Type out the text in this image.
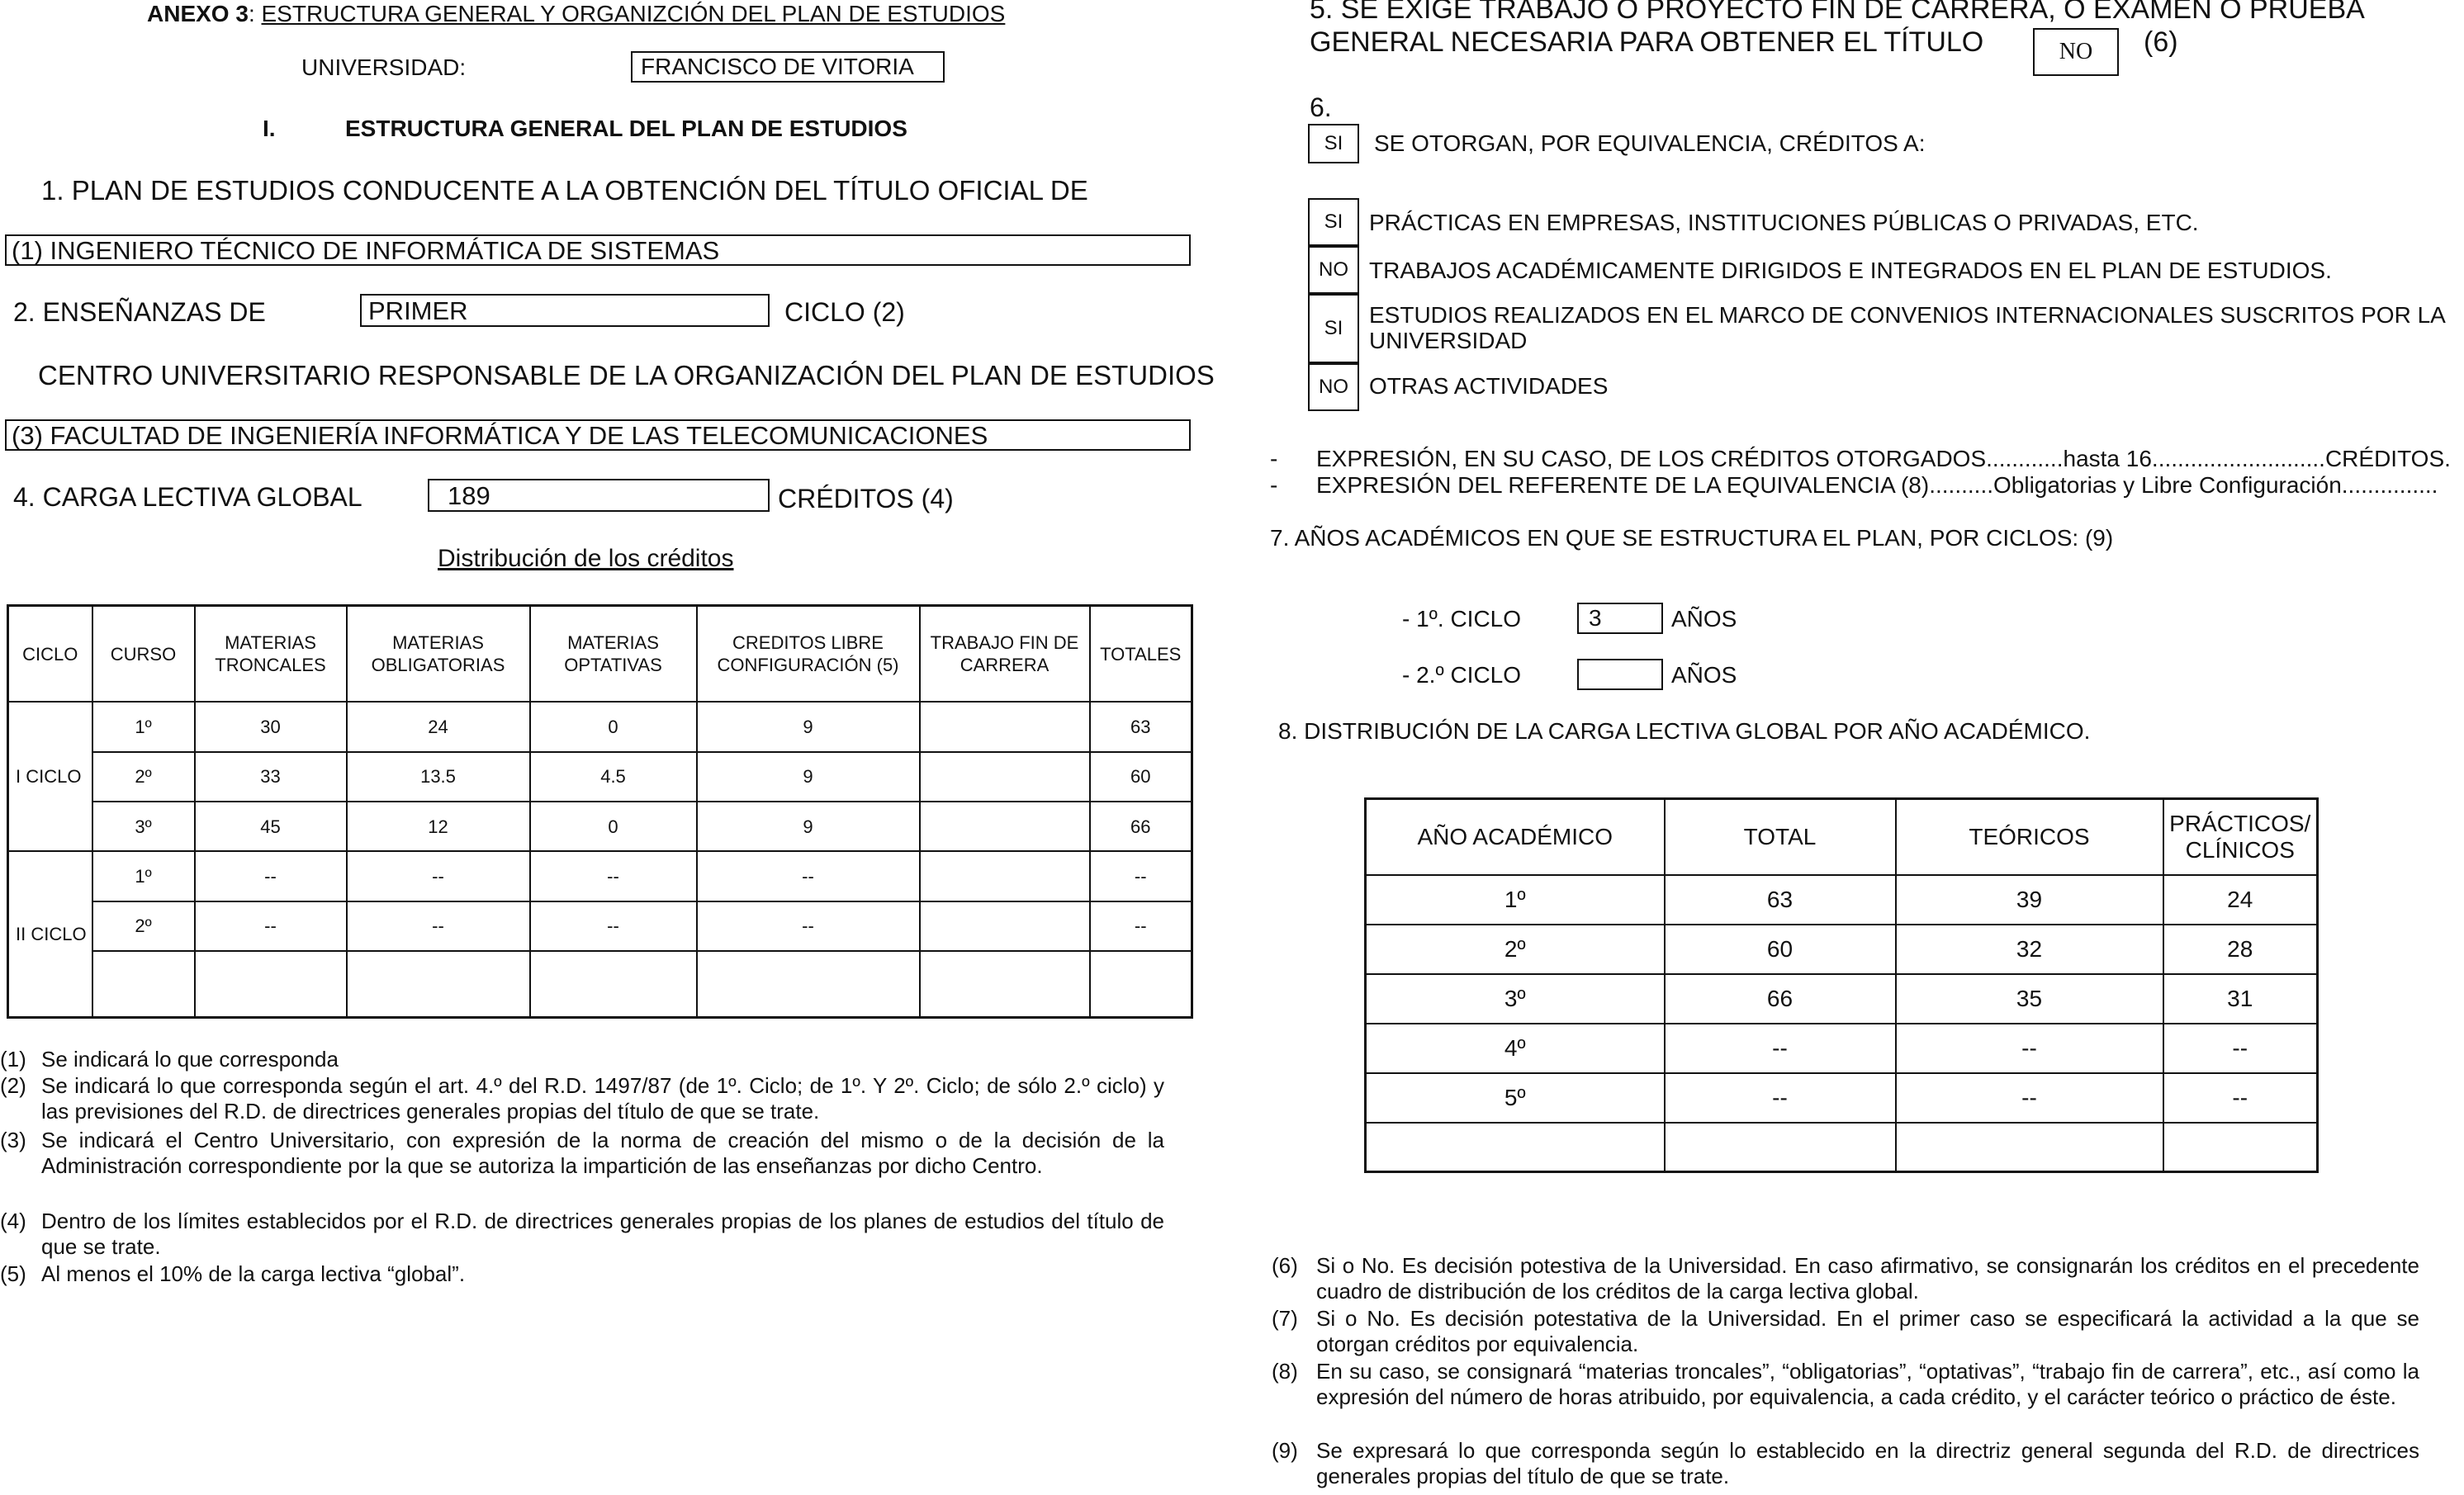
ANEXO 3: ESTRUCTURA GENERAL Y ORGANIZCIÓN DEL PLAN DE ESTUDIOS
UNIVERSIDAD:	FRANCISCO DE VITORIA
I.	ESTRUCTURA GENERAL DEL PLAN DE ESTUDIOS
1. PLAN DE ESTUDIOS CONDUCENTE A LA OBTENCIÓN DEL TÍTULO OFICIAL DE
(1) INGENIERO TÉCNICO DE INFORMÁTICA DE SISTEMAS
2. ENSEÑANZAS DE	PRIMER	CICLO (2)
CENTRO UNIVERSITARIO RESPONSABLE DE LA ORGANIZACIÓN DEL PLAN DE ESTUDIOS
(3) FACULTAD DE INGENIERÍA INFORMÁTICA Y DE LAS TELECOMUNICACIONES
4. CARGA LECTIVA GLOBAL	189	CRÉDITOS (4)
Distribución de los créditos
CICLO	CURSO	MATERIAS TRONCALES	MATERIAS OBLIGATORIAS	MATERIAS OPTATIVAS	CREDITOS LIBRE CONFIGURACIÓN (5)	TRABAJO FIN DE CARRERA	TOTALES
I CICLO	1º	30	24	0	9		63
	2º	33	13.5	4.5	9		60
	3º	45	12	0	9		66
II CICLO	1º	--	--	--	--		--
	2º	--	--	--	--		--

(1) Se indicará lo que corresponda
(2) Se indicará lo que corresponda según el art. 4.º del R.D. 1497/87 (de 1º. Ciclo; de 1º. Y 2º. Ciclo; de sólo 2.º ciclo) y las previsiones del R.D. de directrices generales propias del título de que se trate.
(3) Se indicará el Centro Universitario, con expresión de la norma de creación del mismo o de la decisión de la Administración correspondiente por la que se autoriza la impartición de las enseñanzas por dicho Centro.
(4) Dentro de los límites establecidos por el R.D. de directrices generales propias de los planes de estudios del título de que se trate.
(5) Al menos el 10% de la carga lectiva “global”.
5. SE EXIGE TRABAJO O PROYECTO FIN DE CARRERA, O EXAMEN O PRUEBA
GENERAL NECESARIA PARA OBTENER EL TÍTULO	NO (6)
6.
SI SE OTORGAN, POR EQUIVALENCIA, CRÉDITOS A:
SI PRÁCTICAS EN EMPRESAS, INSTITUCIONES PÚBLICAS O PRIVADAS, ETC.
NO TRABAJOS ACADÉMICAMENTE DIRIGIDOS E INTEGRADOS EN EL PLAN DE ESTUDIOS.
SI
ESTUDIOS REALIZADOS EN EL MARCO DE CONVENIOS INTERNACIONALES SUSCRITOS POR LA UNIVERSIDAD
NO OTRAS ACTIVIDADES
-      EXPRESIÓN, EN SU CASO, DE LOS CRÉDITOS OTORGADOS............hasta 16...........................CRÉDITOS.
-      EXPRESIÓN DEL REFERENTE DE LA EQUIVALENCIA (8)..........Obligatorias y Libre Configuración...............
7. AÑOS ACADÉMICOS EN QUE SE ESTRUCTURA EL PLAN, POR CICLOS: (9)
- 1º. CICLO	3	AÑOS
- 2.º CICLO	AÑOS
8. DISTRIBUCIÓN DE LA CARGA LECTIVA GLOBAL POR AÑO ACADÉMICO.
AÑO ACADÉMICO	TOTAL	TEÓRICOS	PRÁCTICOS/ CLÍNICOS
1º	63	39	24
2º	60	32	28
3º	66	35	31
4º	--	--	--
5º	--	--	--

(6) Si o No. Es decisión potestiva de la Universidad. En caso afirmativo, se consignarán los créditos en el precedente cuadro de distribución de los créditos de la carga lectiva global.
(7) Si o No. Es decisión potestativa de la Universidad. En el primer caso se especificará la actividad a la que se otorgan créditos por equivalencia.
(8) En su caso, se consignará “materias troncales”, “obligatorias”, “optativas”, “trabajo fin de carrera”, etc., así como la expresión del número de horas atribuido, por equivalencia, a cada crédito, y el carácter teórico o práctico de éste.
(9) Se expresará lo que corresponda según lo establecido en la directriz general segunda del R.D. de directrices generales propias del título de que se trate.
